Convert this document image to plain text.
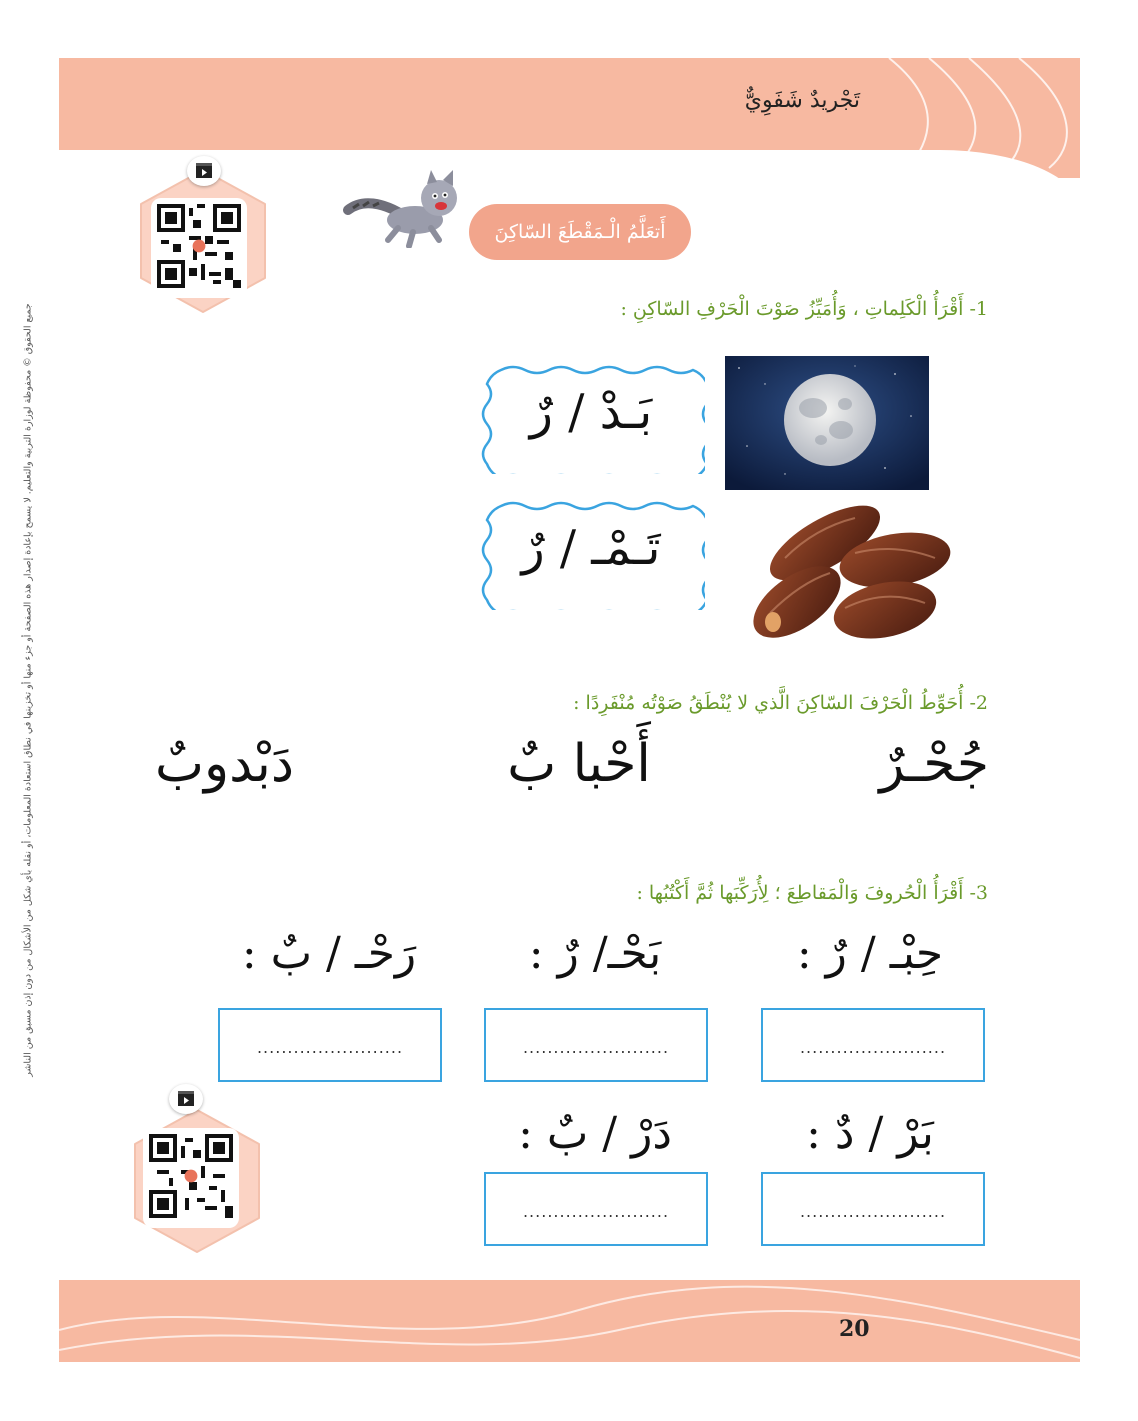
تَجْريدٌ شَفَوِيٌّ
أَتعَلَّمُ الْـمَقْطَعَ السّاكِنَ
1- أَقْرَأُ الْكَلِماتِ ، وَأُمَيِّزُ صَوْتَ الْحَرْفِ السّاكِنِ :
بَـدْ / رٌ
تَـمْـ / رٌ
2- أُحَوِّطُ الْحَرْفَ السّاكِنَ الَّذي لا يُنْطَقُ صَوْتُه مُنْفَرِدًا :
جُحْـرٌ
أَحْبا بٌ
دَبْدوبٌ
3- أَقْرَأُ الْحُروفَ وَالْمَقاطِعَ ؛ لِأُرَكِّبَها ثُمَّ أَكْتُبُها :
حِبْـ / رٌ :
بَحْـ/ رٌ :
رَحْـ / بٌ :
........................
........................
........................
بَرْ / دٌ :
دَرْ / بٌ :
........................
........................
20
جميع الحقوق © محفوظة لوزارة التربية والتعليم. لا يسمح بإعادة إصدار هذه الصفحة أو جزء منها أو تخزينها في نطاق استعادة المعلومات، أو نقله بأي شكل من الأشكال من دون إذن مسبق من الناشر
